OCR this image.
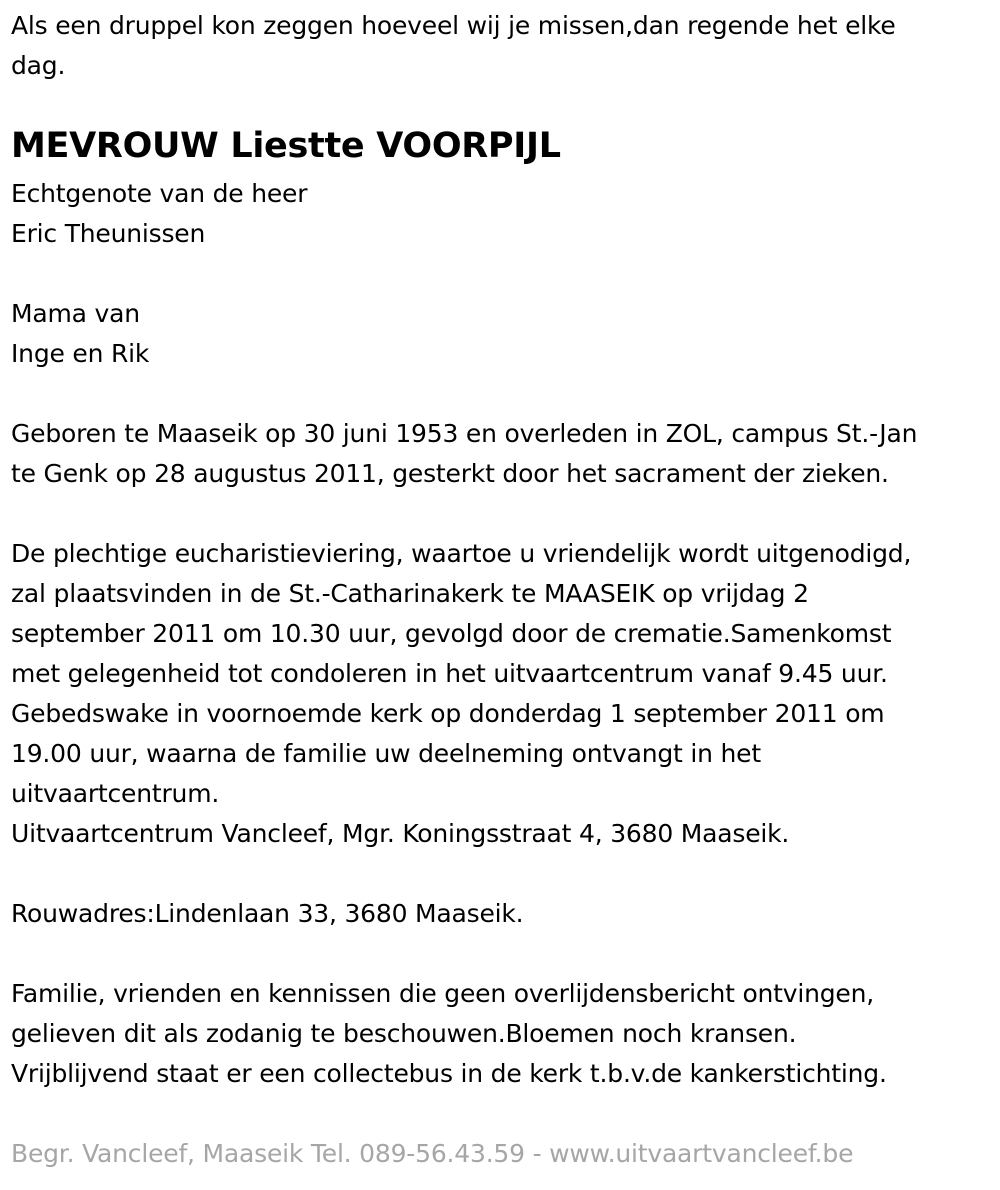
Als een druppel kon zeggen hoeveel wij je missen,dan regende het elke
dag.
MEVROUW Liestte VOORPIJL
Echtgenote van de heer
Eric Theunissen
Mama van
Inge en Rik
Geboren te Maaseik op 30 juni 1953 en overleden in ZOL, campus St.-Jan
te Genk op 28 augustus 2011, gesterkt door het sacrament der zieken.
De plechtige eucharistieviering, waartoe u vriendelijk wordt uitgenodigd,
zal plaatsvinden in de St.-Catharinakerk te MAASEIK op vrijdag 2
september 2011 om 10.30 uur, gevolgd door de crematie.Samenkomst
met gelegenheid tot condoleren in het uitvaartcentrum vanaf 9.45 uur.
Gebedswake in voornoemde kerk op donderdag 1 september 2011 om
19.00 uur, waarna de familie uw deelneming ontvangt in het
uitvaartcentrum.
Uitvaartcentrum Vancleef, Mgr. Koningsstraat 4, 3680 Maaseik.
Rouwadres:Lindenlaan 33, 3680 Maaseik.
Familie, vrienden en kennissen die geen overlijdensbericht ontvingen,
gelieven dit als zodanig te beschouwen.Bloemen noch kransen.
Vrijblijvend staat er een collectebus in de kerk t.b.v.de kankerstichting.
Begr. Vancleef, Maaseik Tel. 089-56.43.59 - www.uitvaartvancleef.be
